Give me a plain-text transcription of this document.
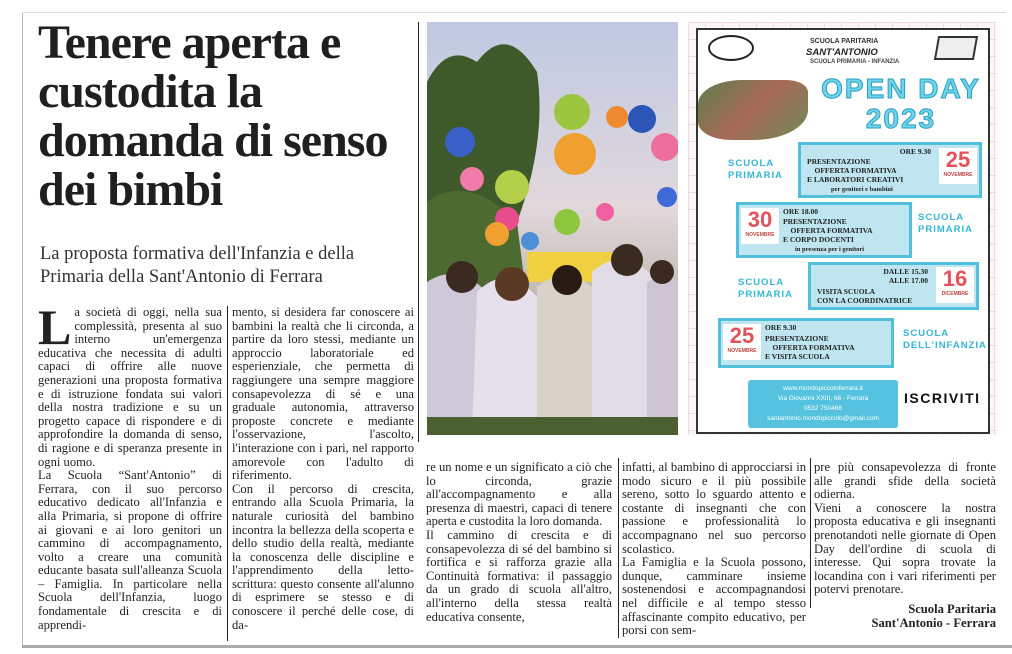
Tenere aperta e custodita la domanda di senso dei bimbi

La proposta formativa dell'Infanzia e della Primaria della Sant'Antonio di Ferrara

La società di oggi, nella sua complessità, presenta al suo interno un'emergenza educativa che necessita di adulti capaci di offrire alle nuove generazioni una proposta formativa e di istruzione fondata sui valori della nostra tradizione e su un progetto capace di rispondere e di approfondire la domanda di senso, di ragione e di speranza presente in ogni uomo.

La Scuola “Sant'Antonio” di Ferrara, con il suo percorso educativo dedicato all'Infanzia e alla Primaria, si propone di offrire ai giovani e ai loro genitori un cammino di accompagnamento, volto a creare una comunità educante basata sull'alleanza Scuola – Famiglia. In particolare nella Scuola dell'Infanzia, luogo fondamentale di crescita e di apprendi-

mento, si desidera far conoscere ai bambini la realtà che li circonda, a partire da loro stessi, mediante un approccio laboratoriale ed esperienziale, che permetta di raggiungere una sempre maggiore consapevolezza di sé e una graduale autonomia, attraverso proposte concrete e mediante l'osservazione, l'ascolto, l'interazione con i pari, nel rapporto amorevole con l'adulto di riferimento.

Con il percorso di crescita, entrando alla Scuola Primaria, la naturale curiosità del bambino incontra la bellezza della scoperta e dello studio della realtà, mediante la conoscenza delle discipline e l'apprendimento della letto-scrittura: questo consente all'alunno di esprimere se stesso e di conoscere il perché delle cose, di da-

re un nome e un significato a ciò che lo circonda, grazie all'accompagnamento e alla presenza di maestri, capaci di tenere aperta e custodita la loro domanda.

Il cammino di crescita e di consapevolezza di sé del bambino si fortifica e si rafforza grazie alla Continuità formativa: il passaggio da un grado di scuola all'altro, all'interno della stessa realtà educativa consente,

infatti, al bambino di approcciarsi in modo sicuro e il più possibile sereno, sotto lo sguardo attento e costante di insegnanti che con passione e professionalità lo accompagnano nel suo percorso scolastico.

La Famiglia e la Scuola possono, dunque, camminare insieme sostenendosi e accompagnandosi nel difficile e al tempo stesso affascinante compito educativo, per porsi con sem-

pre più consapevolezza di fronte alle grandi sfide della società odierna.

Vieni a conoscere la nostra proposta educativa e gli insegnanti prenotandoti nelle giornate di Open Day dell'ordine di scuola di interesse. Qui sopra trovate la locandina con i vari riferimenti per potervi prenotare.

Scuola Paritaria
Sant'Antonio - Ferrara

SCUOLA PARITARIA
SANT'ANTONIO
SCUOLA PRIMARIA - INFANZIA
OPEN DAY
2023
SCUOLA PRIMARIA
ORE 9.30
PRESENTAZIONE
OFFERTA FORMATIVA
E LABORATORI CREATIVI
per genitori e bambini
25
NOVEMBRE
30
NOVEMBRE
ORE 18.00
PRESENTAZIONE
OFFERTA FORMATIVA
E CORPO DOCENTI
in presenza per i genitori
SCUOLA PRIMARIA
SCUOLA PRIMARIA
DALLE 15.30 ALLE 17.00
VISITA SCUOLA
CON LA COORDINATRICE
16
DICEMBRE
25
NOVEMBRE
ORE 9.30
PRESENTAZIONE
OFFERTA FORMATIVA
E VISITA SCUOLA
SCUOLA DELL'INFANZIA
www.mondopiccoloferrara.it
Via Giovanni XXIII, 66 - Ferrara
0532 750466
santantonio.mondopiccolo@gmail.com
ISCRIVITI
